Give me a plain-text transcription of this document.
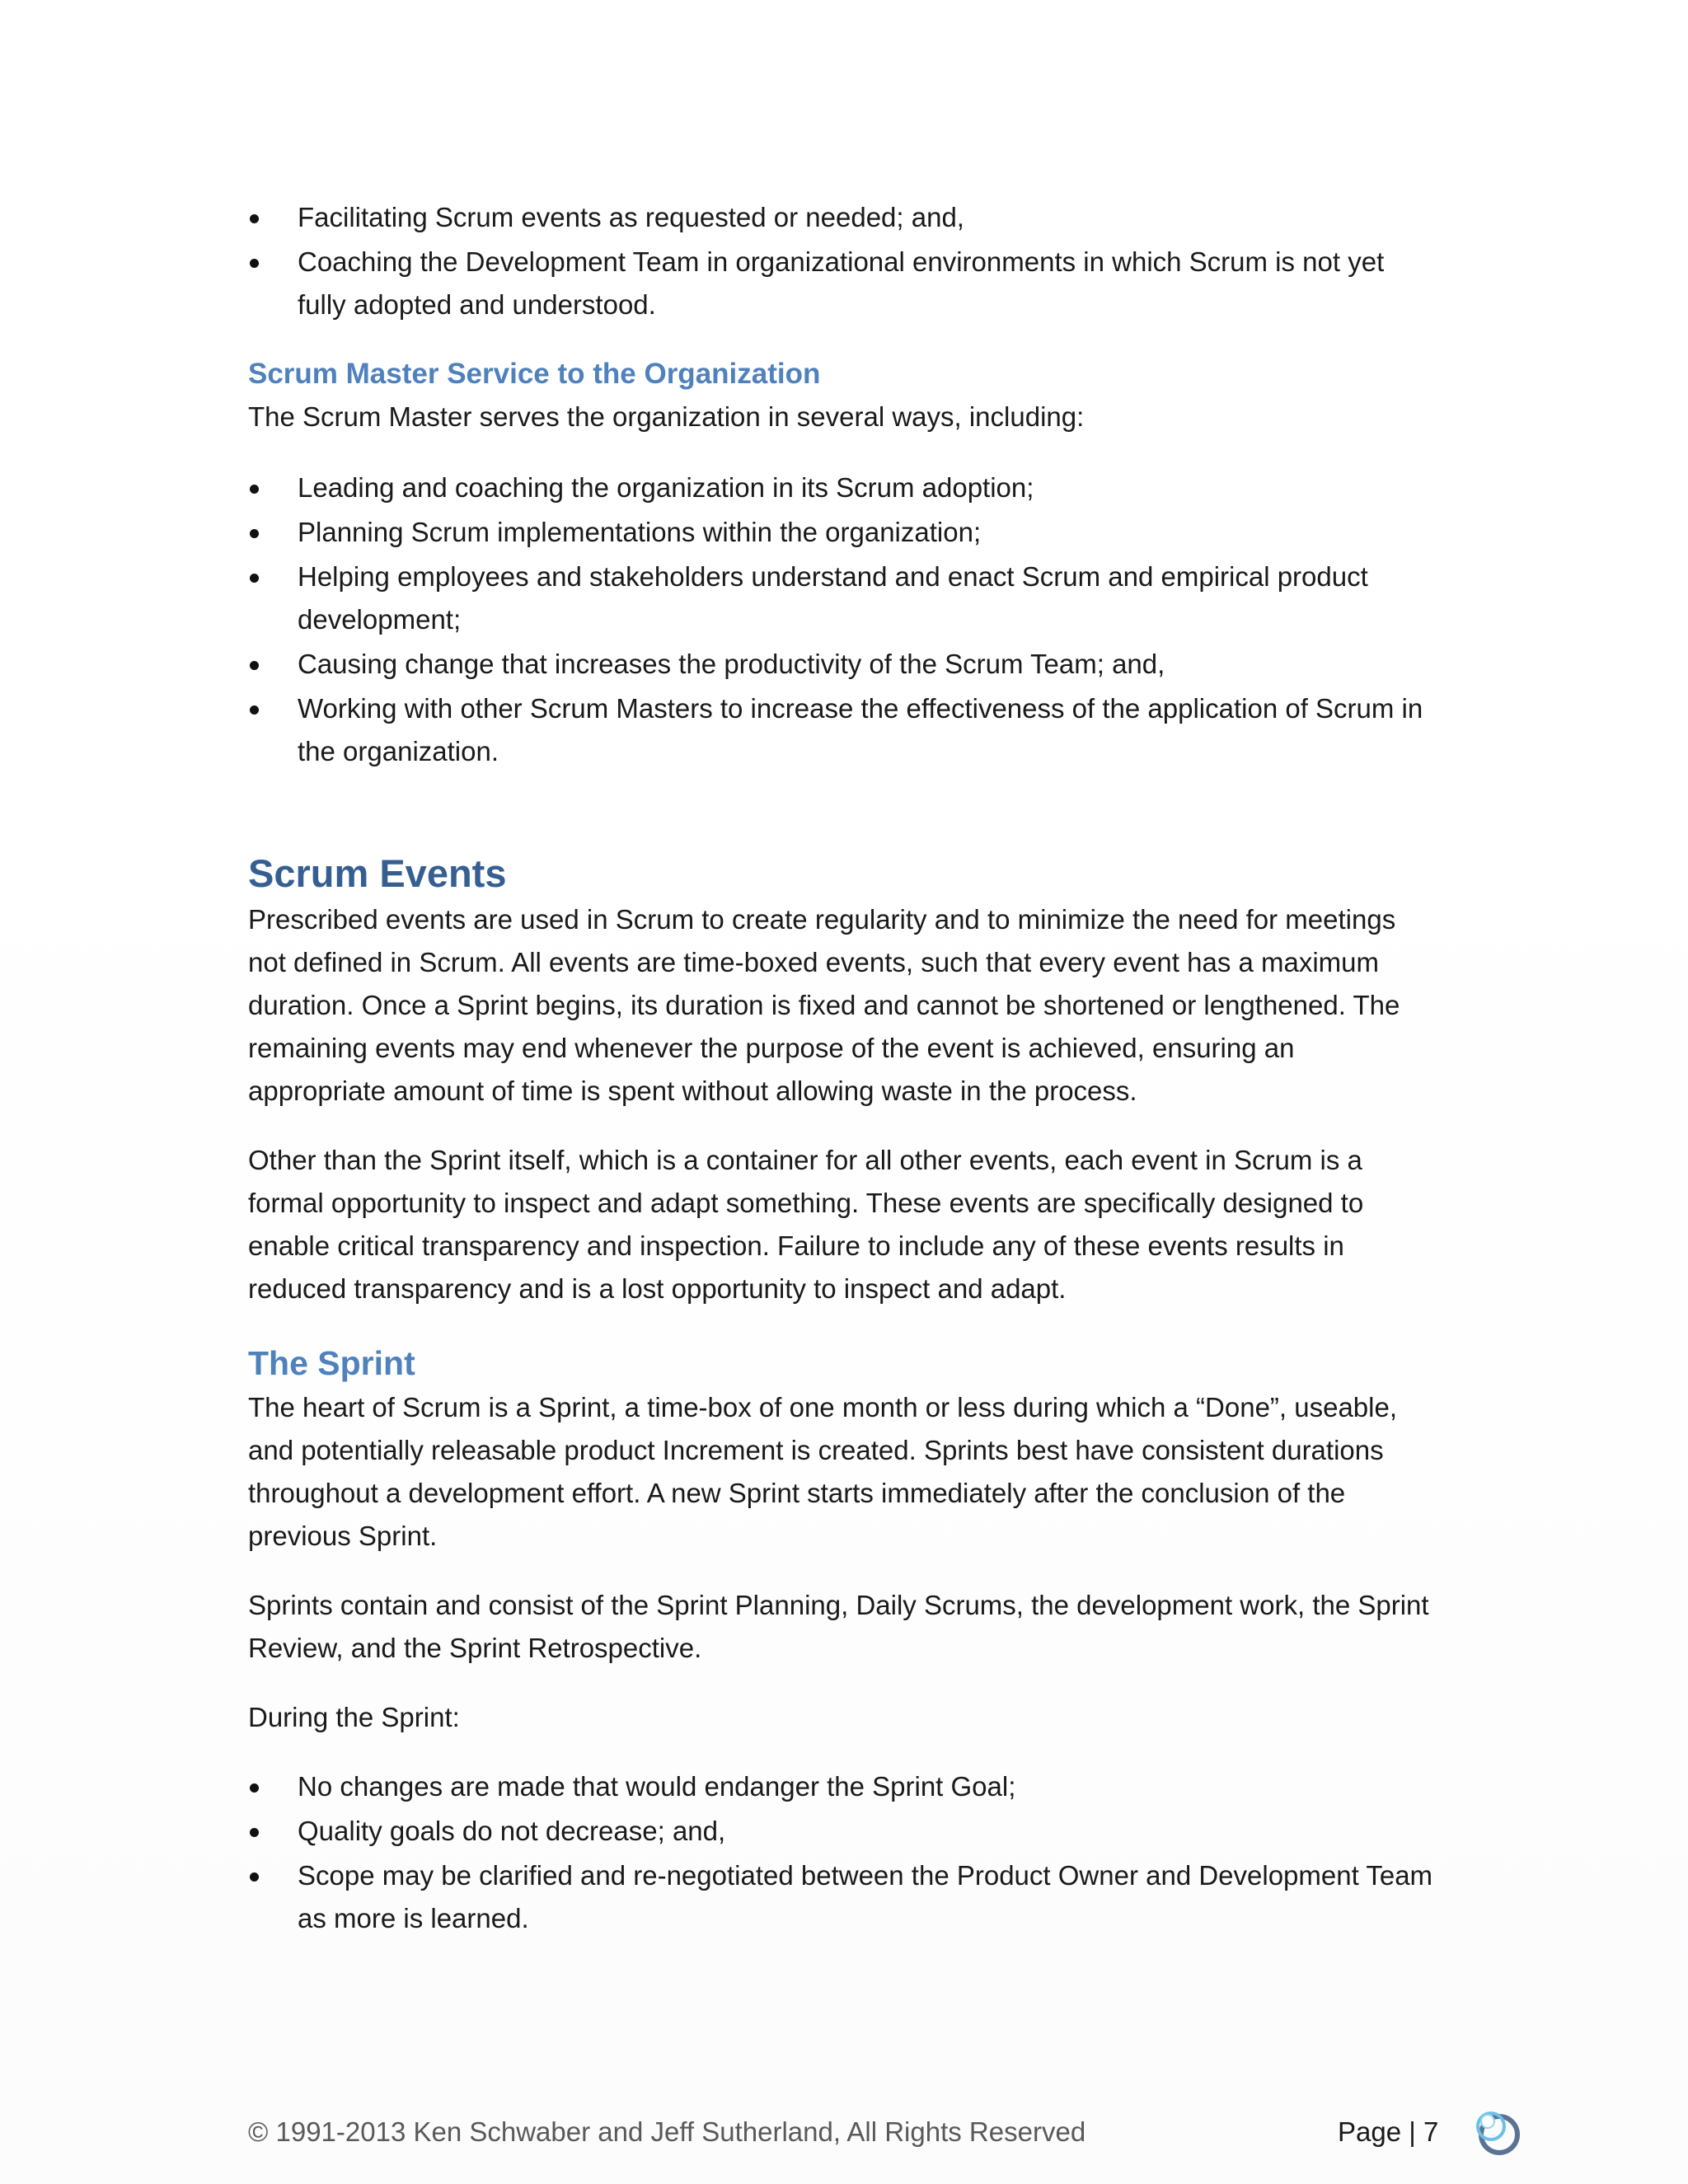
Facilitating Scrum events as requested or needed; and,
Coaching the Development Team in organizational environments in which Scrum is not yet fully adopted and understood.
Scrum Master Service to the Organization

The Scrum Master serves the organization in several ways, including:

Leading and coaching the organization in its Scrum adoption;
Planning Scrum implementations within the organization;
Helping employees and stakeholders understand and enact Scrum and empirical product development;
Causing change that increases the productivity of the Scrum Team; and,
Working with other Scrum Masters to increase the effectiveness of the application of Scrum in the organization.
Scrum Events

Prescribed events are used in Scrum to create regularity and to minimize the need for meetings not defined in Scrum. All events are time-boxed events, such that every event has a maximum duration. Once a Sprint begins, its duration is fixed and cannot be shortened or lengthened. The remaining events may end whenever the purpose of the event is achieved, ensuring an appropriate amount of time is spent without allowing waste in the process.

Other than the Sprint itself, which is a container for all other events, each event in Scrum is a formal opportunity to inspect and adapt something. These events are specifically designed to enable critical transparency and inspection. Failure to include any of these events results in reduced transparency and is a lost opportunity to inspect and adapt.

The Sprint

The heart of Scrum is a Sprint, a time-box of one month or less during which a “Done”, useable, and potentially releasable product Increment is created. Sprints best have consistent durations throughout a development effort. A new Sprint starts immediately after the conclusion of the previous Sprint.

Sprints contain and consist of the Sprint Planning, Daily Scrums, the development work, the Sprint Review, and the Sprint Retrospective.

During the Sprint:

No changes are made that would endanger the Sprint Goal;
Quality goals do not decrease; and,
Scope may be clarified and re-negotiated between the Product Owner and Development Team as more is learned.
© 1991-2013 Ken Schwaber and Jeff Sutherland, All Rights Reserved	Page | 7
